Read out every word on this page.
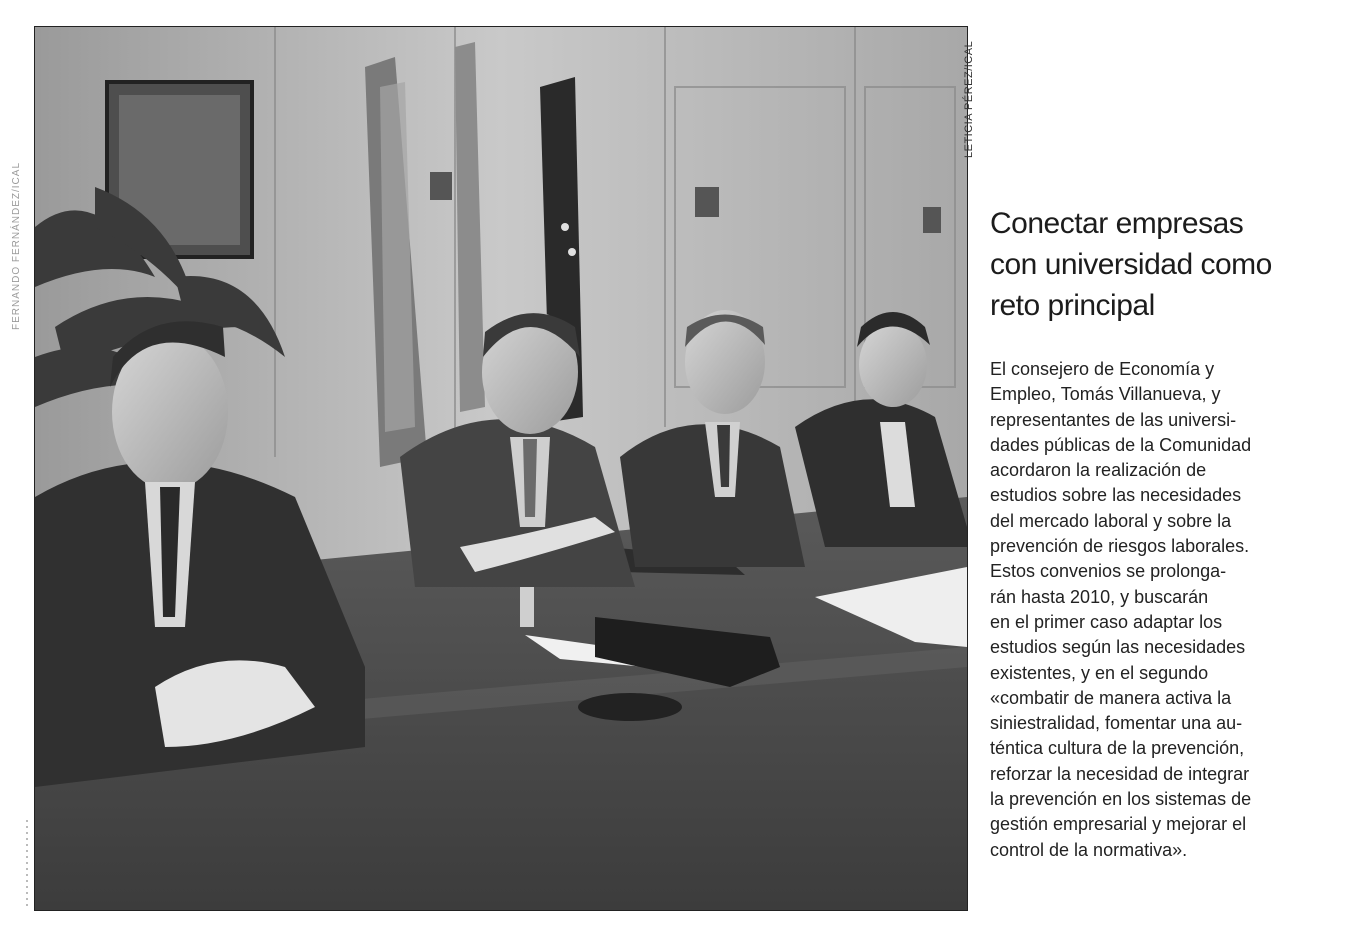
FERNANDO FERNÁNDEZ/ICAL
LETICIA PÉREZ/ICAL
Conectar empresas
con universidad como
reto principal
El consejero de Economía y
Empleo, Tomás Villanueva, y
representantes de las universi-
dades públicas de la Comunidad
acordaron la realización de
estudios sobre las necesidades
del mercado laboral y sobre la
prevención de riesgos laborales.
Estos convenios se prolonga-
rán hasta 2010, y buscarán
en el primer caso adaptar los
estudios según las necesidades
existentes, y en el segundo
«combatir de manera activa la
siniestralidad, fomentar una au-
téntica cultura de la prevención,
reforzar la necesidad de integrar
la prevención en los sistemas de
gestión empresarial y mejorar el
control de la normativa».
